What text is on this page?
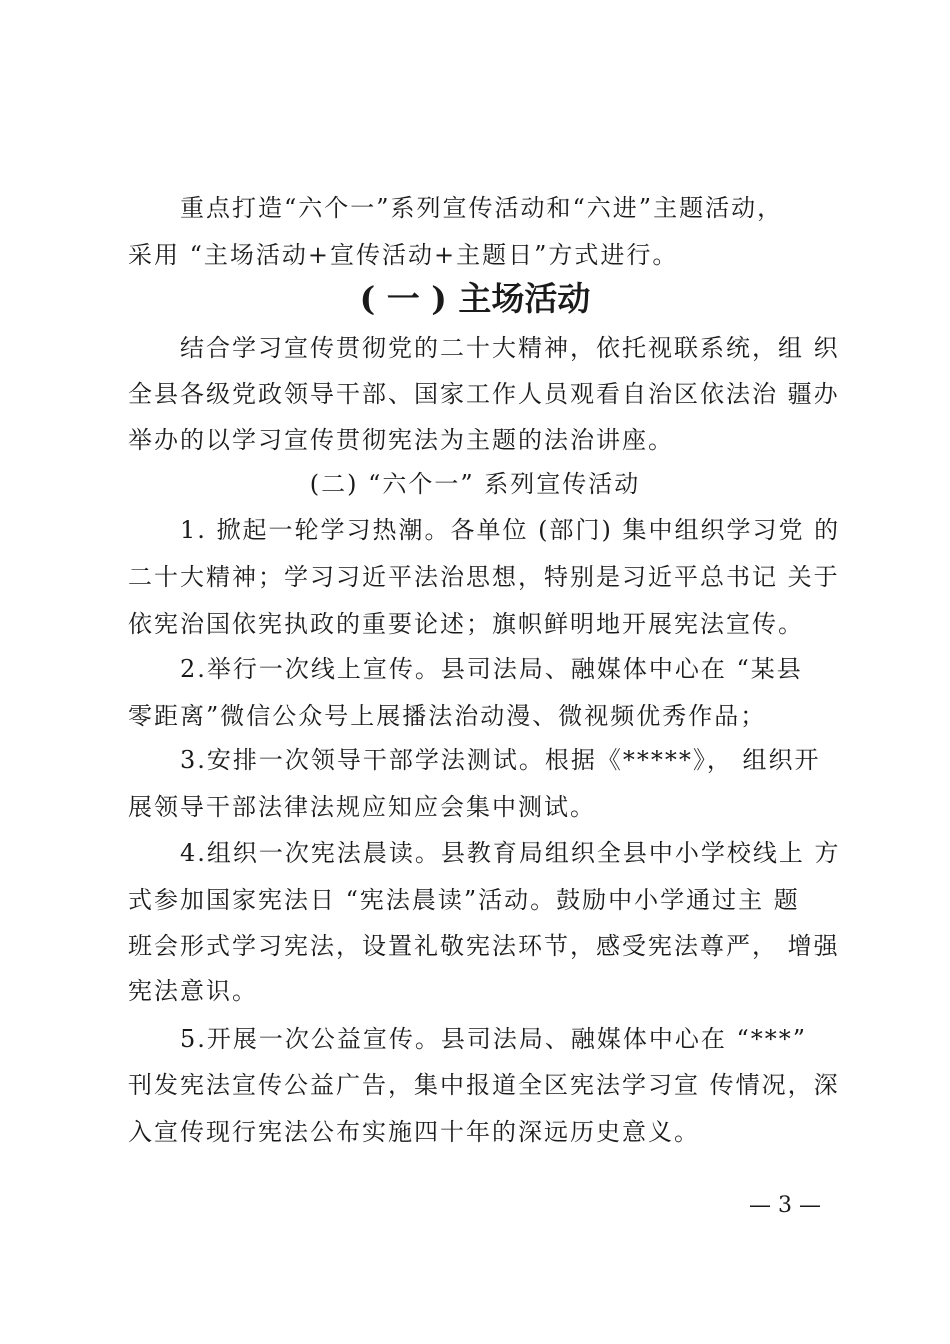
重点打造“六个一”系列宣传活动和“六进”主题活动，
采用 “主场活动+宣传活动+主题日”方式进行。
( 一 ) 主场活动
结合学习宣传贯彻党的二十大精神，依托视联系统，组 织
全县各级党政领导干部、国家工作人员观看自治区依法治 疆办
举办的以学习宣传贯彻宪法为主题的法治讲座。
(二) “六个一” 系列宣传活动
1. 掀起一轮学习热潮。各单位 (部门) 集中组织学习党 的
二十大精神；学习习近平法治思想，特别是习近平总书记 关于
依宪治国依宪执政的重要论述；旗帜鲜明地开展宪法宣传。
2.举行一次线上宣传。县司法局、融媒体中心在 “某县
零距离”微信公众号上展播法治动漫、微视频优秀作品；
3.安排一次领导干部学法测试。根据《*****》， 组织开
展领导干部法律法规应知应会集中测试。
4.组织一次宪法晨读。县教育局组织全县中小学校线上 方
式参加国家宪法日 “宪法晨读”活动。鼓励中小学通过主 题
班会形式学习宪法，设置礼敬宪法环节，感受宪法尊严， 增强
宪法意识。
5.开展一次公益宣传。县司法局、融媒体中心在 “***”
刊发宪法宣传公益广告，集中报道全区宪法学习宣 传情况，深
入宣传现行宪法公布实施四十年的深远历史意义。
— 3 —
